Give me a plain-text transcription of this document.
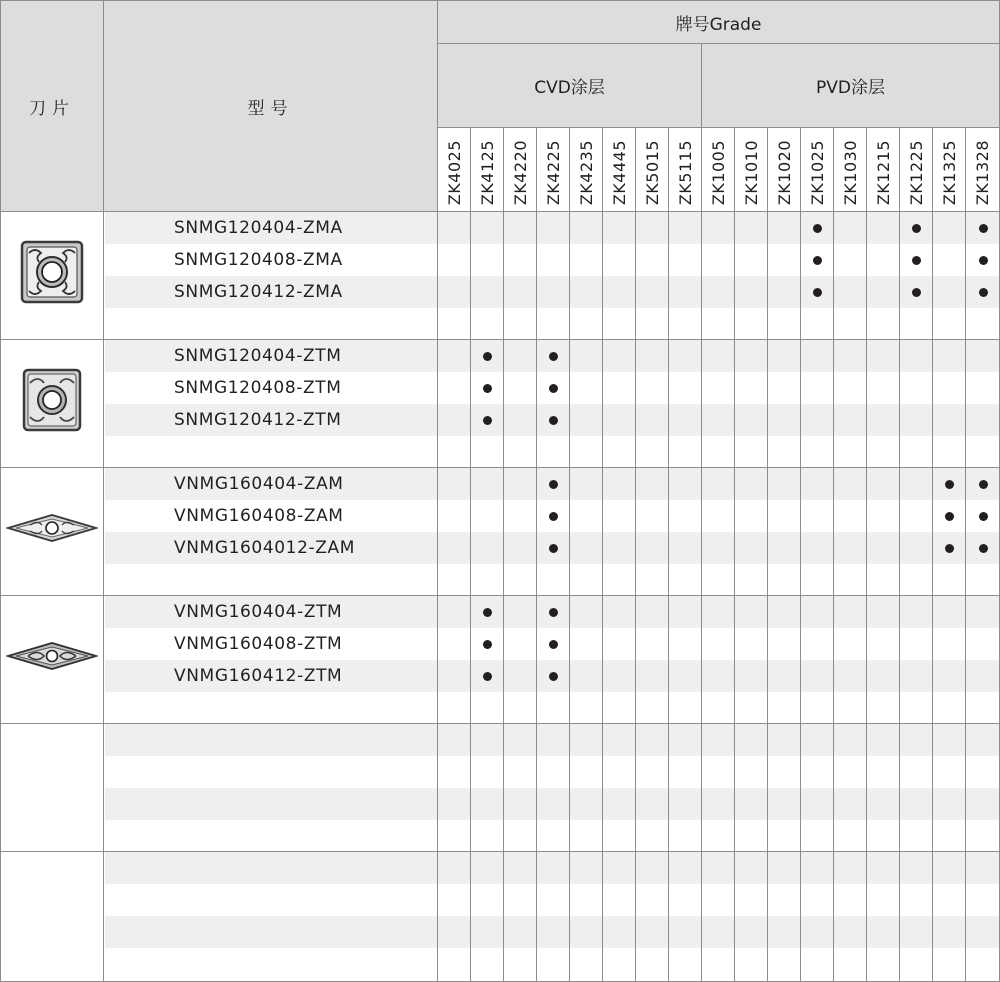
刀片	型号
牌号Grade
CVD涂层	PVD涂层
ZK4025 ZK4125 ZK4220 ZK4225 ZK4235 ZK4445 ZK5015 ZK5115 ZK1005 ZK1010 ZK1020 ZK1025 ZK1030 ZK1215 ZK1225 ZK1325 ZK1328
SNMG120404-ZMA
SNMG120408-ZMA
SNMG120412-ZMA
SNMG120404-ZTM
SNMG120408-ZTM
SNMG120412-ZTM
VNMG160404-ZAM
VNMG160408-ZAM
VNMG1604012-ZAM
VNMG160404-ZTM
VNMG160408-ZTM
VNMG160412-ZTM
